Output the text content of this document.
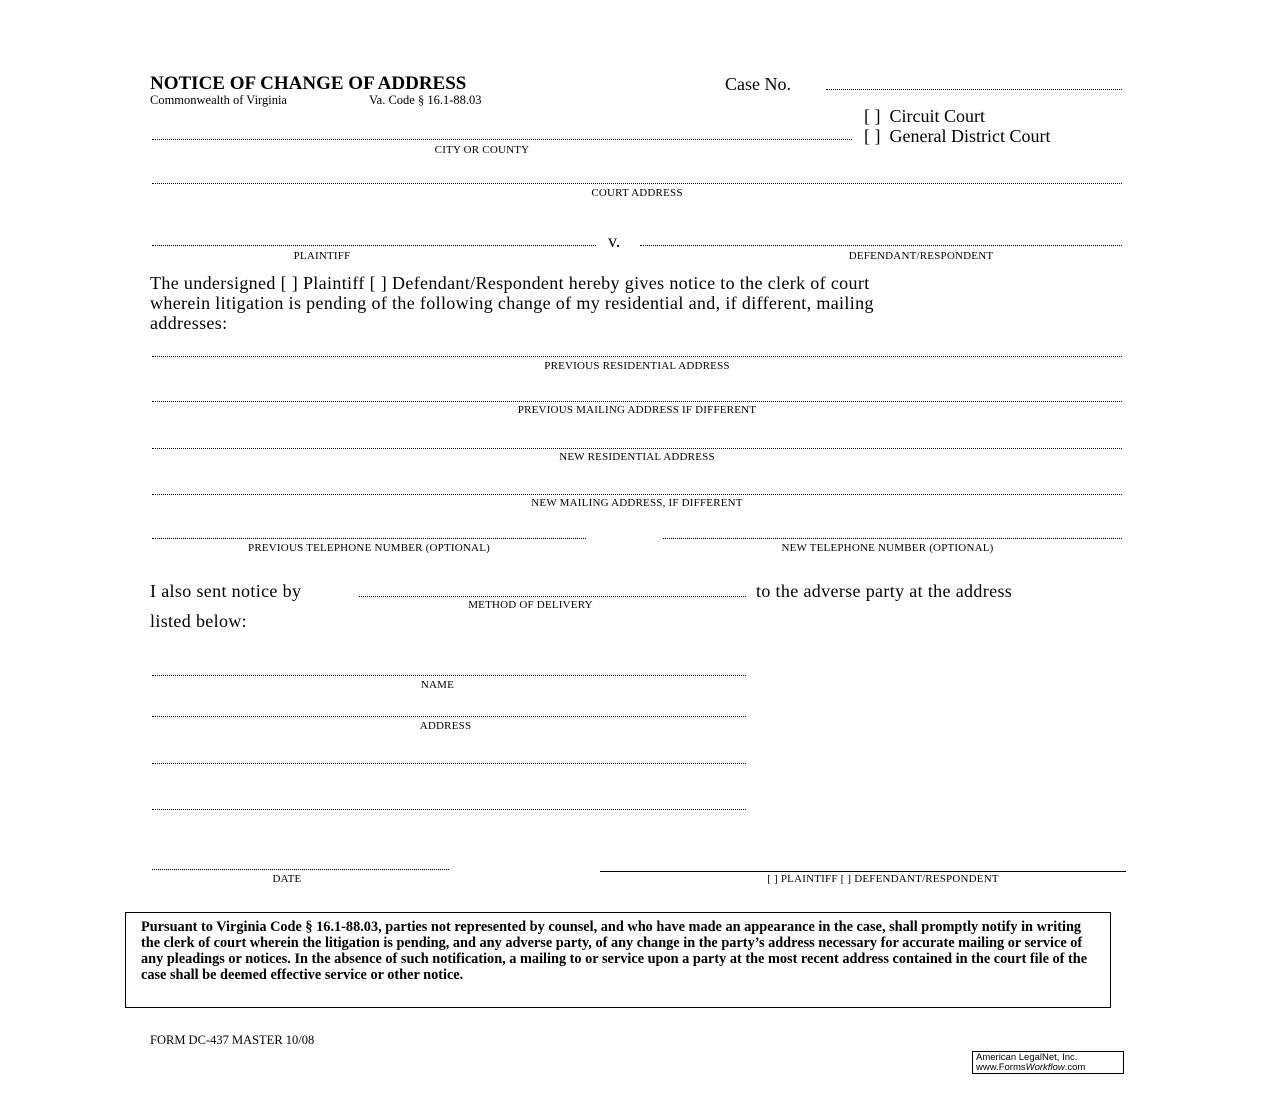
NOTICE OF CHANGE OF ADDRESS
Commonwealth of Virginia	Va. Code § 16.1-88.03
Case No.
[ ] Circuit Court
[ ] General District Court
CITY OR COUNTY
COURT ADDRESS
v.
PLAINTIFF	DEFENDANT/RESPONDENT
The undersigned [ ] Plaintiff [ ] Defendant/Respondent hereby gives notice to the clerk of court
wherein litigation is pending of the following change of my residential and, if different, mailing
addresses:
PREVIOUS RESIDENTIAL ADDRESS
PREVIOUS MAILING ADDRESS IF DIFFERENT
NEW RESIDENTIAL ADDRESS
NEW MAILING ADDRESS, IF DIFFERENT
PREVIOUS TELEPHONE NUMBER (OPTIONAL)	NEW TELEPHONE NUMBER (OPTIONAL)
I also sent notice by
METHOD OF DELIVERY
to the adverse party at the address
listed below:
NAME
ADDRESS
DATE	[ ] PLAINTIFF [ ] DEFENDANT/RESPONDENT
Pursuant to Virginia Code § 16.1-88.03, parties not represented by counsel, and who have made an appearance in the case, shall promptly notify in writing the clerk of court wherein the litigation is pending, and any adverse party, of any change in the party’s address necessary for accurate mailing or service of any pleadings or notices. In the absence of such notification, a mailing to or service upon a party at the most recent address contained in the court file of the case shall be deemed effective service or other notice.
FORM DC-437 MASTER 10/08
American LegalNet, Inc.
www.FormsWorkflow.com
